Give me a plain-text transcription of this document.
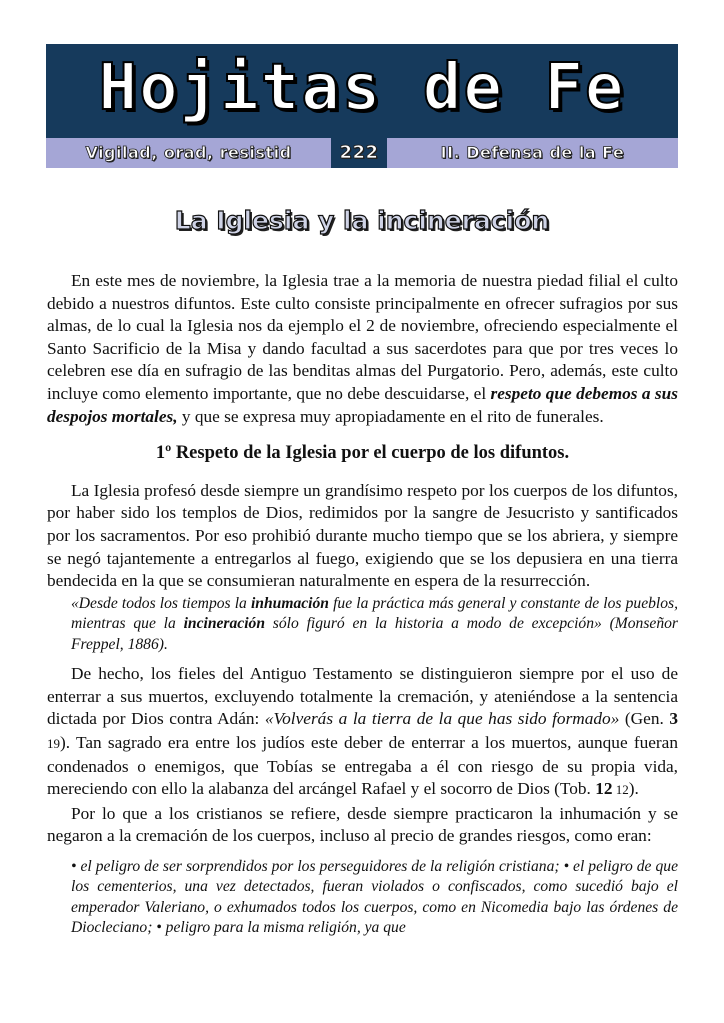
Hojitas de Fe
Vigilad, orad, resistid	222	II. Defensa de la Fe
La Iglesia y la incineración

En este mes de noviembre, la Iglesia trae a la memoria de nuestra piedad filial el culto debido a nuestros difuntos. Este culto consiste principalmente en ofrecer sufragios por sus almas, de lo cual la Iglesia nos da ejemplo el 2 de noviembre, ofreciendo especialmente el Santo Sacrificio de la Misa y dando facultad a sus sacerdotes para que por tres veces lo celebren ese día en sufragio de las benditas almas del Purgatorio. Pero, además, este culto incluye como elemento importante, que no debe descuidarse, el respeto que debemos a sus despojos mortales, y que se expresa muy apropiadamente en el rito de funerales.

1º Respeto de la Iglesia por el cuerpo de los difuntos.

La Iglesia profesó desde siempre un grandísimo respeto por los cuerpos de los difuntos, por haber sido los templos de Dios, redimidos por la sangre de Jesucristo y santificados por los sacramentos. Por eso prohibió durante mucho tiempo que se los abriera, y siempre se negó tajantemente a entregarlos al fuego, exigiendo que se los depusiera en una tierra bendecida en la que se consumieran naturalmente en espera de la resurrección.

«Desde todos los tiempos la inhumación fue la práctica más general y constante de los pueblos, mientras que la incineración sólo figuró en la historia a modo de excepción» (Monseñor Freppel, 1886).

De hecho, los fieles del Antiguo Testamento se distinguieron siempre por el uso de enterrar a sus muertos, excluyendo totalmente la cremación, y ateniéndose a la sentencia dictada por Dios contra Adán: «Volverás a la tierra de la que has sido formado» (Gen. 3 19). Tan sagrado era entre los judíos este deber de enterrar a los muertos, aunque fueran condenados o enemigos, que Tobías se entregaba a él con riesgo de su propia vida, mereciendo con ello la alabanza del arcángel Rafael y el socorro de Dios (Tob. 12 12).

Por lo que a los cristianos se refiere, desde siempre practicaron la inhumación y se negaron a la cremación de los cuerpos, incluso al precio de grandes riesgos, como eran:

• el peligro de ser sorprendidos por los perseguidores de la religión cristiana; • el peligro de que los cementerios, una vez detectados, fueran violados o confiscados, como sucedió bajo el emperador Valeriano, o exhumados todos los cuerpos, como en Nicomedia bajo las órdenes de Diocleciano; • peligro para la misma religión, ya que
